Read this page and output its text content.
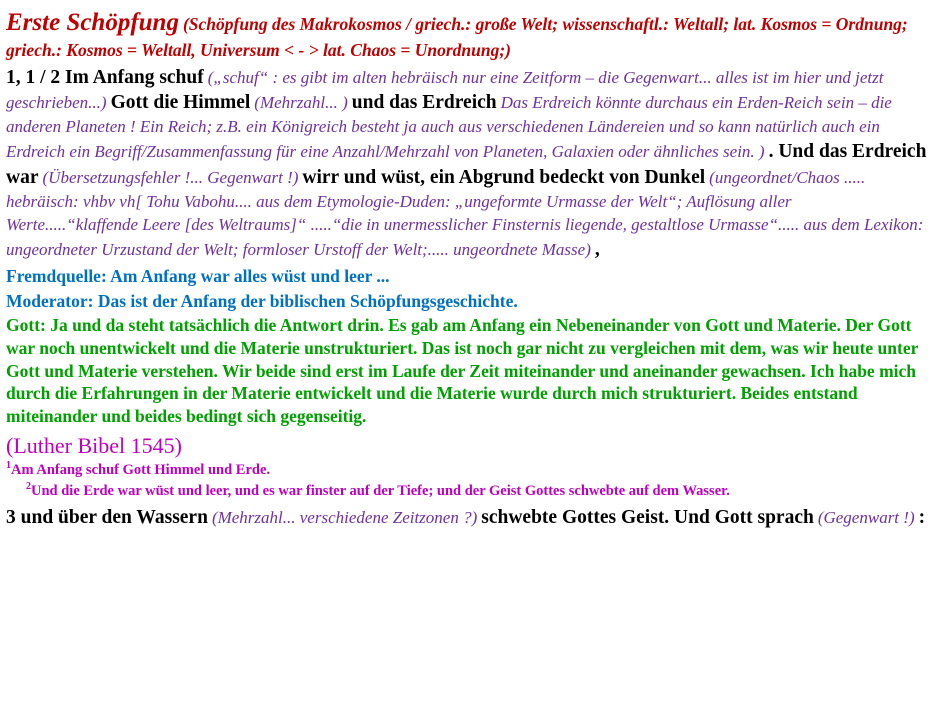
Erste Schöpfung (Schöpfung des Makrokosmos / griech.: große Welt; wissenschaftl.: Weltall; lat. Kosmos = Ordnung; griech.: Kosmos = Weltall, Universum < - > lat. Chaos = Unordnung;)

1, 1 / 2 Im Anfang schuf („schuf“ : es gibt im alten hebräisch nur eine Zeitform – die Gegenwart... alles ist im hier und jetzt geschrieben...) Gott die Himmel (Mehrzahl... ) und das Erdreich Das Erdreich könnte durchaus ein Erden-Reich sein – die anderen Planeten ! Ein Reich; z.B. ein Königreich besteht ja auch aus verschiedenen Ländereien und so kann natürlich auch ein Erdreich ein Begriff/Zusammenfassung für eine Anzahl/Mehrzahl von Planeten, Galaxien oder ähnliches sein. ) . Und das Erdreich war (Übersetzungsfehler !... Gegenwart !) wirr und wüst, ein Abgrund bedeckt von Dunkel (ungeordnet/Chaos ..... hebräisch: vhbv vh[ Tohu Vabohu.... aus dem Etymologie-Duden: „ungeformte Urmasse der Welt“; Auflösung aller Werte.....“klaffende Leere [des Weltraums]“ .....“die in unermesslicher Finsternis liegende, gestaltlose Urmasse“..... aus dem Lexikon: ungeordneter Urzustand der Welt; formloser Urstoff der Welt;..... ungeordnete Masse) ,

Fremdquelle: Am Anfang war alles wüst und leer ...

Moderator: Das ist der Anfang der biblischen Schöpfungsgeschichte.

Gott: Ja und da steht tatsächlich die Antwort drin. Es gab am Anfang ein Nebeneinander von Gott und Materie. Der Gott war noch unentwickelt und die Materie unstrukturiert. Das ist noch gar nicht zu vergleichen mit dem, was wir heute unter Gott und Materie verstehen. Wir beide sind erst im Laufe der Zeit miteinander und aneinander gewachsen. Ich habe mich durch die Erfahrungen in der Materie entwickelt und die Materie wurde durch mich strukturiert. Beides entstand miteinander und beides bedingt sich gegenseitig.

(Luther Bibel 1545)
$^1$Am Anfang schuf Gott Himmel und Erde.
$^2$Und die Erde war wüst und leer, und es war finster auf der Tiefe; und der Geist Gottes schwebte auf dem Wasser.

3 und über den Wassern (Mehrzahl... verschiedene Zeitzonen ?) schwebte Gottes Geist. Und Gott sprach (Gegenwart !) :
